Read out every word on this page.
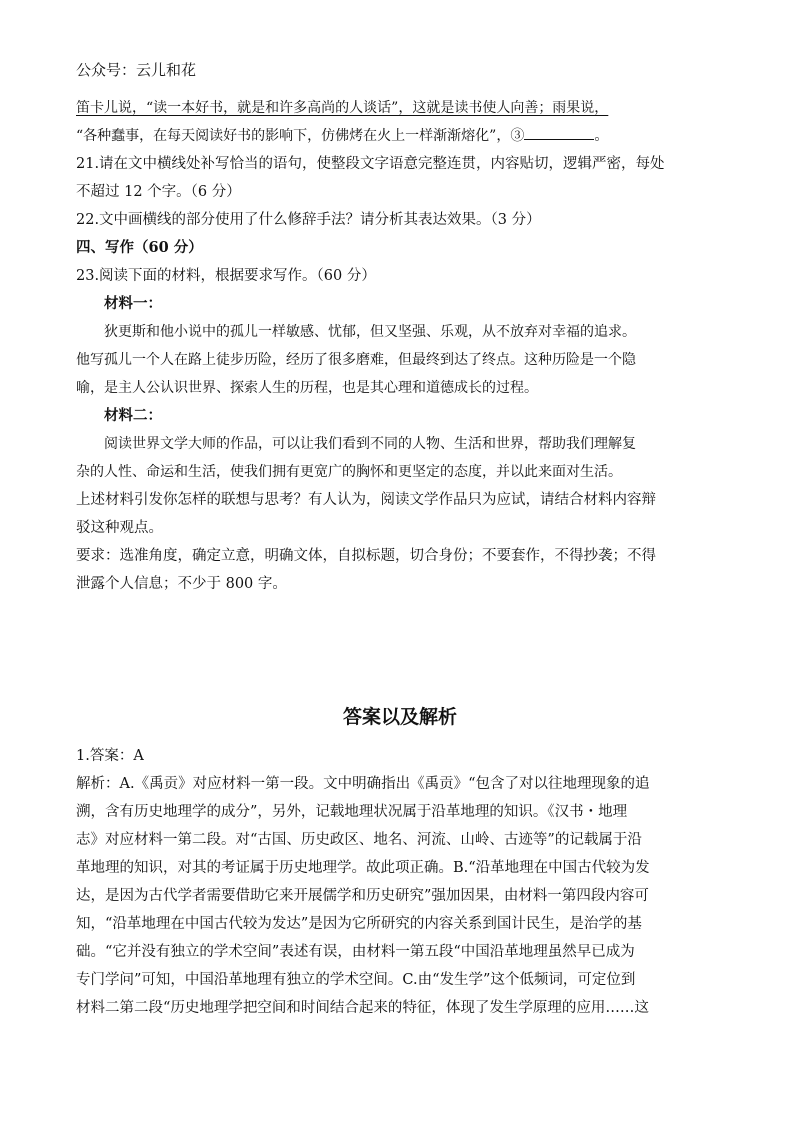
公众号：云儿和花
笛卡儿说，“读一本好书，就是和许多高尚的人谈话”，这就是读书使人向善；雨果说，
“各种蠢事，在每天阅读好书的影响下，仿佛烤在火上一样渐渐熔化”，③	。
21.请在文中横线处补写恰当的语句，使整段文字语意完整连贯，内容贴切，逻辑严密，每处
不超过 12 个字。（6 分）
22.文中画横线的部分使用了什么修辞手法？请分析其表达效果。（3 分）
四、写作（60 分）
23.阅读下面的材料，根据要求写作。（60 分）
材料一：
狄更斯和他小说中的孤儿一样敏感、忧郁，但又坚强、乐观，从不放弃对幸福的追求。
他写孤儿一个人在路上徒步历险，经历了很多磨难，但最终到达了终点。这种历险是一个隐
喻，是主人公认识世界、探索人生的历程，也是其心理和道德成长的过程。
材料二：
阅读世界文学大师的作品，可以让我们看到不同的人物、生活和世界，帮助我们理解复
杂的人性、命运和生活，使我们拥有更宽广的胸怀和更坚定的态度，并以此来面对生活。
上述材料引发你怎样的联想与思考？有人认为，阅读文学作品只为应试，请结合材料内容辩
驳这种观点。
要求：选准角度，确定立意，明确文体，自拟标题，切合身份；不要套作，不得抄袭；不得
泄露个人信息；不少于 800 字。
答案以及解析
1.答案：A
解析：A.《禹贡》对应材料一第一段。文中明确指出《禹贡》“包含了对以往地理现象的追
溯，含有历史地理学的成分”，另外，记载地理状况属于沿革地理的知识。《汉书・地理
志》对应材料一第二段。对“古国、历史政区、地名、河流、山岭、古迹等”的记载属于沿
革地理的知识，对其的考证属于历史地理学。故此项正确。B.“沿革地理在中国古代较为发
达，是因为古代学者需要借助它来开展儒学和历史研究”强加因果，由材料一第四段内容可
知，“沿革地理在中国古代较为发达”是因为它所研究的内容关系到国计民生，是治学的基
础。“它并没有独立的学术空间”表述有误，由材料一第五段“中国沿革地理虽然早已成为
专门学问”可知，中国沿革地理有独立的学术空间。C.由“发生学”这个低频词，可定位到
材料二第二段“历史地理学把空间和时间结合起来的特征，体现了发生学原理的应用……这
